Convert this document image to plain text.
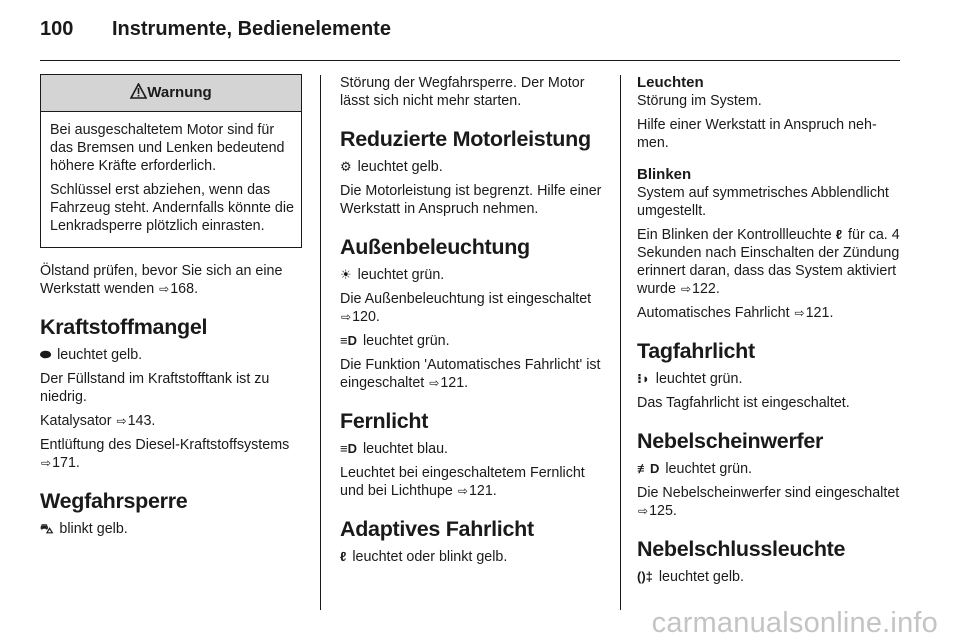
100	Instrumente, Bedienelemente
Warnung

Bei ausgeschaltetem Motor sind für das Bremsen und Lenken bedeutend höhere Kräfte erforderlich.

Schlüssel erst abziehen, wenn das Fahrzeug steht. Andernfalls könnte die Lenkradsperre plötzlich einrasten.

Ölstand prüfen, bevor Sie sich an eine Werkstatt wenden ⇨168.

Kraftstoffmangel

⬬ leuchtet gelb.

Der Füllstand im Kraftstofftank ist zu niedrig.

Katalysator ⇨143.

Entlüftung des Diesel-Kraftstoffsystems ⇨171.

Wegfahrsperre

⛍ blinkt gelb.

Störung der Wegfahrsperre. Der Motor lässt sich nicht mehr starten.

Reduzierte Motorleistung

⚙ leuchtet gelb.

Die Motorleistung ist begrenzt. Hilfe einer Werkstatt in Anspruch nehmen.

Außenbeleuchtung

☀ leuchtet grün.

Die Außenbeleuchtung ist eingeschaltet ⇨120.

≡D leuchtet grün.

Die Funktion 'Automatisches Fahrlicht' ist eingeschaltet ⇨121.

Fernlicht

≡D leuchtet blau.

Leuchtet bei eingeschaltetem Fernlicht und bei Lichthupe ⇨121.

Adaptives Fahrlicht

ℓ leuchtet oder blinkt gelb.

Leuchten

Störung im System.

Hilfe einer Werkstatt in Anspruch nehmen.

Blinken

System auf symmetrisches Abblendlicht umgestellt.

Ein Blinken der Kontrollleuchte ℓ für ca. 4 Sekunden nach Einschalten der Zündung erinnert daran, dass das System aktiviert wurde ⇨122.

Automatisches Fahrlicht ⇨121.

Tagfahrlicht

⁝◗ leuchtet grün.

Das Tagfahrlicht ist eingeschaltet.

Nebelscheinwerfer

≢D leuchtet grün.

Die Nebelscheinwerfer sind eingeschaltet ⇨125.

Nebelschlussleuchte

()‡ leuchtet gelb.

carmanualsonline.info
